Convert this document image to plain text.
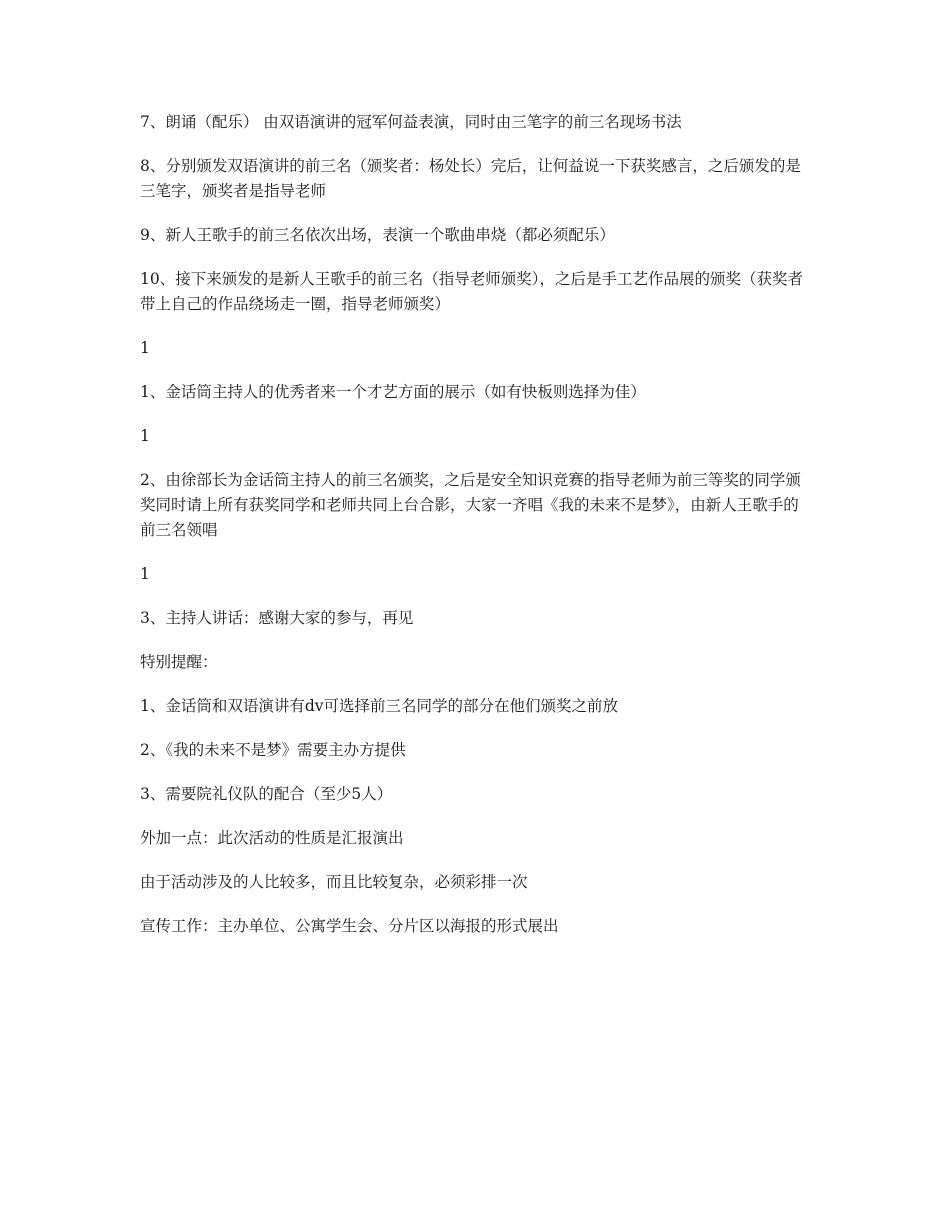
7、朗诵（配乐） 由双语演讲的冠军何益表演，同时由三笔字的前三名现场书法

8、分别颁发双语演讲的前三名（颁奖者：杨处长）完后，让何益说一下获奖感言，之后颁发的是三笔字，颁奖者是指导老师

9、新人王歌手的前三名依次出场，表演一个歌曲串烧（都必须配乐）

10、接下来颁发的是新人王歌手的前三名（指导老师颁奖），之后是手工艺作品展的颁奖（获奖者带上自己的作品绕场走一圈，指导老师颁奖）

1

1、金话筒主持人的优秀者来一个才艺方面的展示（如有快板则选择为佳）

1

2、由徐部长为金话筒主持人的前三名颁奖，之后是安全知识竞赛的指导老师为前三等奖的同学颁奖同时请上所有获奖同学和老师共同上台合影，大家一齐唱《我的未来不是梦》，由新人王歌手的前三名领唱

1

3、主持人讲话：感谢大家的参与，再见

特别提醒：

1、金话筒和双语演讲有dv可选择前三名同学的部分在他们颁奖之前放

2、《我的未来不是梦》需要主办方提供

3、需要院礼仪队的配合（至少5人）

外加一点：此次活动的性质是汇报演出

由于活动涉及的人比较多，而且比较复杂，必须彩排一次

宣传工作：主办单位、公寓学生会、分片区以海报的形式展出
